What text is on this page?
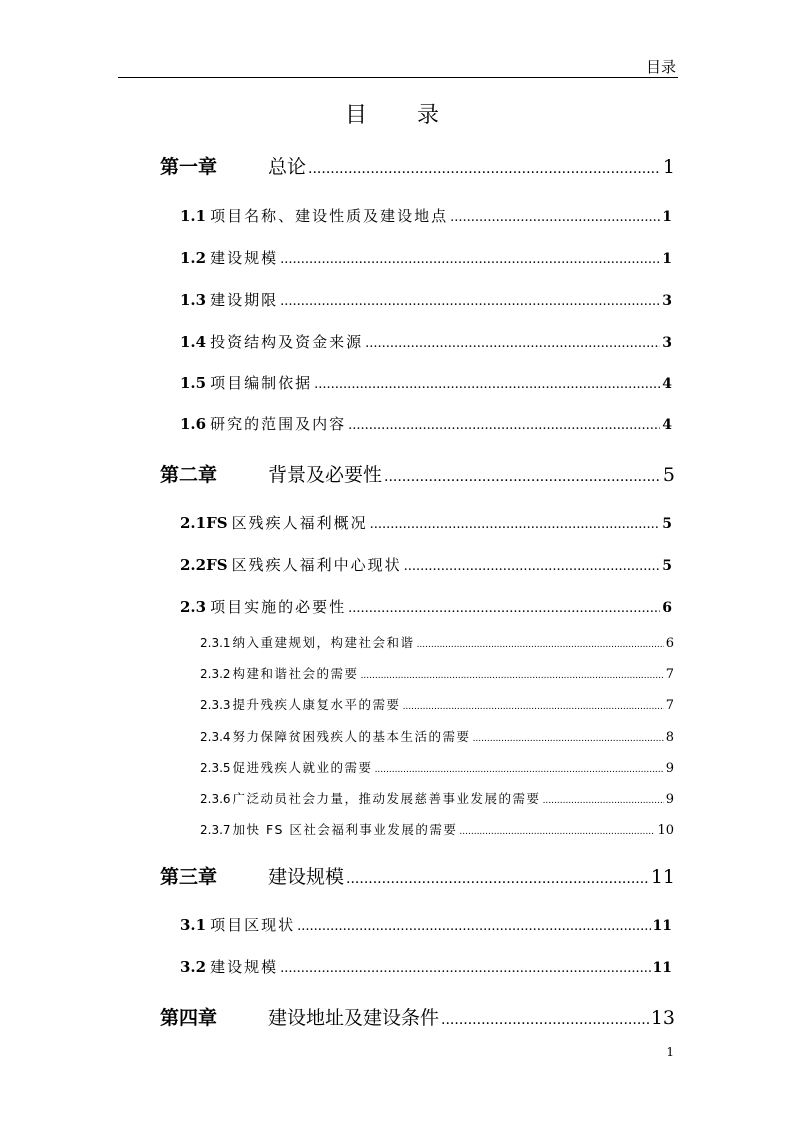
目录
目录
第一章	总论 .....	1
1.1 项目名称、建设性质及建设地点 .....	1
1.2 建设规模 .....	1
1.3 建设期限 .....	3
1.4 投资结构及资金来源 .....	3
1.5 项目编制依据 .....	4
1.6 研究的范围及内容 .....	4
第二章	背景及必要性 .....	5
2.1FS 区残疾人福利概况 .....	5
2.2FS 区残疾人福利中心现状 .....	5
2.3 项目实施的必要性 .....	6
2.3.1 纳入重建规划，构建社会和谐 .....	6
2.3.2 构建和谐社会的需要 .....	7
2.3.3 提升残疾人康复水平的需要 .....	7
2.3.4 努力保障贫困残疾人的基本生活的需要 .....	8
2.3.5 促进残疾人就业的需要 .....	9
2.3.6 广泛动员社会力量，推动发展慈善事业发展的需要 .....	9
2.3.7 加快 FS 区社会福利事业发展的需要 .....	10
第三章	建设规模 .....	11
3.1 项目区现状 .....	11
3.2 建设规模 .....	11
第四章	建设地址及建设条件 .....	13
1
